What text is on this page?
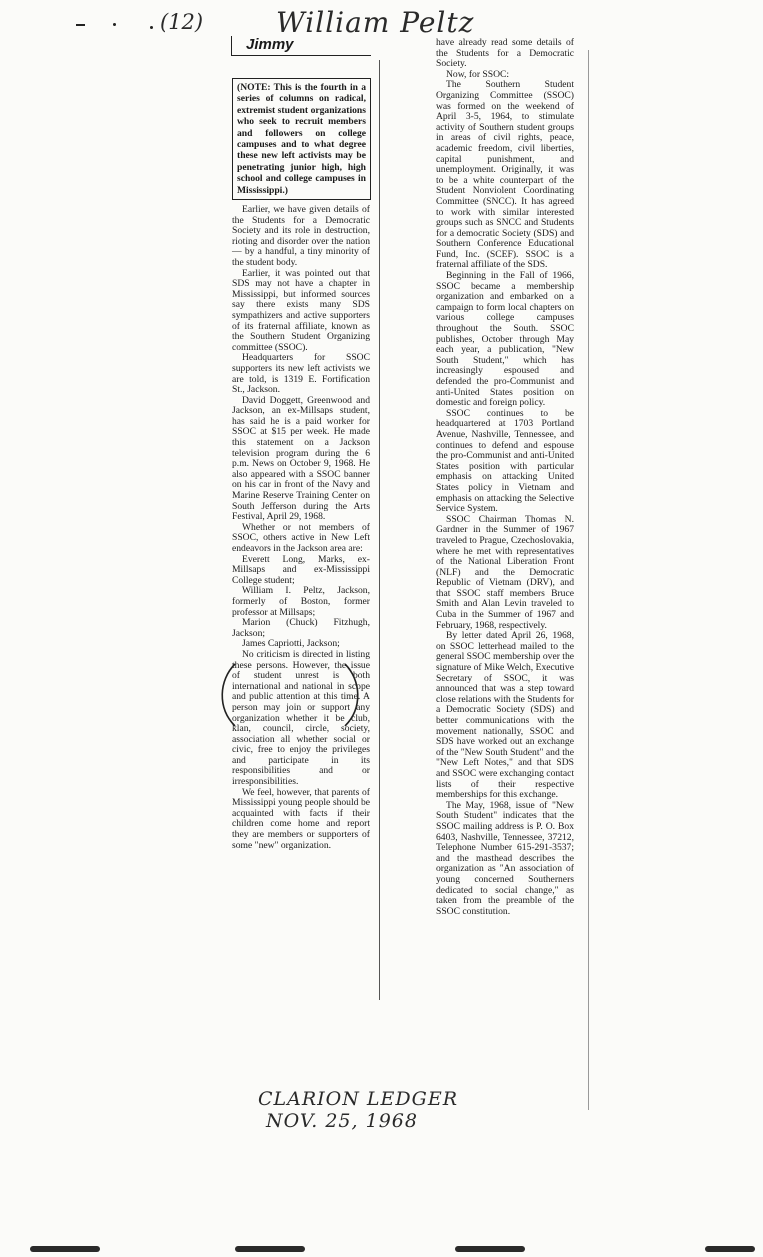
(12)	William Peltz
Jimmy
(NOTE: This is the fourth in a series of columns on radical, extremist student organizations who seek to recruit members and followers on college campuses and to what degree these new left activists may be penetrating junior high, high school and college campuses in Mississippi.)

Earlier, we have given details of the Students for a Democratic Society and its role in destruction, rioting and disorder over the nation — by a handful, a tiny minority of the student body.

Earlier, it was pointed out that SDS may not have a chapter in Mississippi, but informed sources say there exists many SDS sympathizers and active supporters of its fraternal affiliate, known as the Southern Student Organizing committee (SSOC).

Headquarters for SSOC supporters its new left activists we are told, is 1319 E. Fortification St., Jackson.

David Doggett, Greenwood and Jackson, an ex-Millsaps student, has said he is a paid worker for SSOC at $15 per week. He made this statement on a Jackson television program during the 6 p.m. News on October 9, 1968. He also appeared with a SSOC banner on his car in front of the Navy and Marine Reserve Training Center on South Jefferson during the Arts Festival, April 29, 1968.

Whether or not members of SSOC, others active in New Left endeavors in the Jackson area are:

Everett Long, Marks, ex-Millsaps and ex-Mississippi College student;

William I. Peltz, Jackson, formerly of Boston, former professor at Millsaps;

Marion (Chuck) Fitzhugh, Jackson;

James Capriotti, Jackson;

No criticism is directed in listing these persons. However, the issue of student unrest is both international and national in scope and public attention at this time. A person may join or support any organization whether it be club, klan, council, circle, society, association all whether social or civic, free to enjoy the privileges and participate in its responsibilities and or irresponsibilities.

We feel, however, that parents of Mississippi young people should be acquainted with facts if their children come home and report they are members or supporters of some "new" organization.

have already read some details of the Students for a Democratic Society.

Now, for SSOC:

The Southern Student Organizing Committee (SSOC) was formed on the weekend of April 3-5, 1964, to stimulate activity of Southern student groups in areas of civil rights, peace, academic freedom, civil liberties, capital punishment, and unemployment. Originally, it was to be a white counterpart of the Student Nonviolent Coordinating Committee (SNCC). It has agreed to work with similar interested groups such as SNCC and Students for a democratic Society (SDS) and Southern Conference Educational Fund, Inc. (SCEF). SSOC is a fraternal affiliate of the SDS.

Beginning in the Fall of 1966, SSOC became a membership organization and embarked on a campaign to form local chapters on various college campuses throughout the South. SSOC publishes, October through May each year, a publication, "New South Student," which has increasingly espoused and defended the pro-Communist and anti-United States position on domestic and foreign policy.

SSOC continues to be headquartered at 1703 Portland Avenue, Nashville, Tennessee, and continues to defend and espouse the pro-Communist and anti-United States position with particular emphasis on attacking United States policy in Vietnam and emphasis on attacking the Selective Service System.

SSOC Chairman Thomas N. Gardner in the Summer of 1967 traveled to Prague, Czechoslovakia, where he met with representatives of the National Liberation Front (NLF) and the Democratic Republic of Vietnam (DRV), and that SSOC staff members Bruce Smith and Alan Levin traveled to Cuba in the Summer of 1967 and February, 1968, respectively.

By letter dated April 26, 1968, on SSOC letterhead mailed to the general SSOC membership over the signature of Mike Welch, Executive Secretary of SSOC, it was announced that was a step toward close relations with the Students for a Democratic Society (SDS) and better communications with the movement nationally, SSOC and SDS have worked out an exchange of the "New South Student" and the "New Left Notes," and that SDS and SSOC were exchanging contact lists of their respective memberships for this exchange.

The May, 1968, issue of "New South Student" indicates that the SSOC mailing address is P. O. Box 6403, Nashville, Tennessee, 37212, Telephone Number 615-291-3537; and the masthead describes the organization as "An association of young concerned Southerners dedicated to social change," as taken from the preamble of the SSOC constitution.

CLARION LEDGER
NOV. 25, 1968
